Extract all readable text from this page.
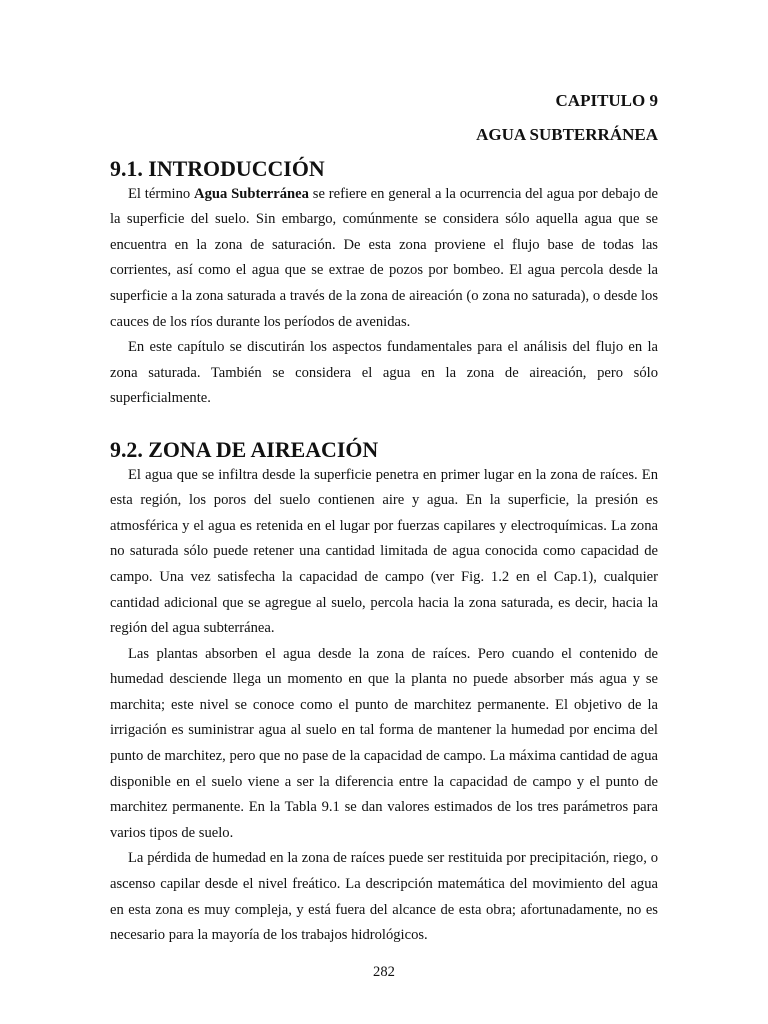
CAPITULO 9
AGUA SUBTERRÁNEA
9.1. INTRODUCCIÓN

El término Agua Subterránea se refiere en general a la ocurrencia del agua por debajo de la superficie del suelo. Sin embargo, comúnmente se considera sólo aquella agua que se encuentra en la zona de saturación. De esta zona proviene el flujo base de todas las corrientes, así como el agua que se extrae de pozos por bombeo. El agua percola desde la superficie a la zona saturada a través de la zona de aireación (o zona no saturada), o desde los cauces de los ríos durante los períodos de avenidas.

En este capítulo se discutirán los aspectos fundamentales para el análisis del flujo en la zona saturada. También se considera el agua en la zona de aireación, pero sólo superficialmente.

9.2. ZONA DE AIREACIÓN

El agua que se infiltra desde la superficie penetra en primer lugar en la zona de raíces. En esta región, los poros del suelo contienen aire y agua. En la superficie, la presión es atmosférica y el agua es retenida en el lugar por fuerzas capilares y electroquímicas. La zona no saturada sólo puede retener una cantidad limitada de agua conocida como capacidad de campo. Una vez satisfecha la capacidad de campo (ver Fig. 1.2 en el Cap.1), cualquier cantidad adicional que se agregue al suelo, percola hacia la zona saturada, es decir, hacia la región del agua subterránea.

Las plantas absorben el agua desde la zona de raíces. Pero cuando el contenido de humedad desciende llega un momento en que la planta no puede absorber más agua y se marchita; este nivel se conoce como el punto de marchitez permanente. El objetivo de la irrigación es suministrar agua al suelo en tal forma de mantener la humedad por encima del punto de marchitez, pero que no pase de la capacidad de campo. La máxima cantidad de agua disponible en el suelo viene a ser la diferencia entre la capacidad de campo y el punto de marchitez permanente. En la Tabla 9.1 se dan valores estimados de los tres parámetros para varios tipos de suelo.

La pérdida de humedad en la zona de raíces puede ser restituida por precipitación, riego, o ascenso capilar desde el nivel freático. La descripción matemática del movimiento del agua en esta zona es muy compleja, y está fuera del alcance de esta obra; afortunadamente, no es necesario para la mayoría de los trabajos hidrológicos.

282
